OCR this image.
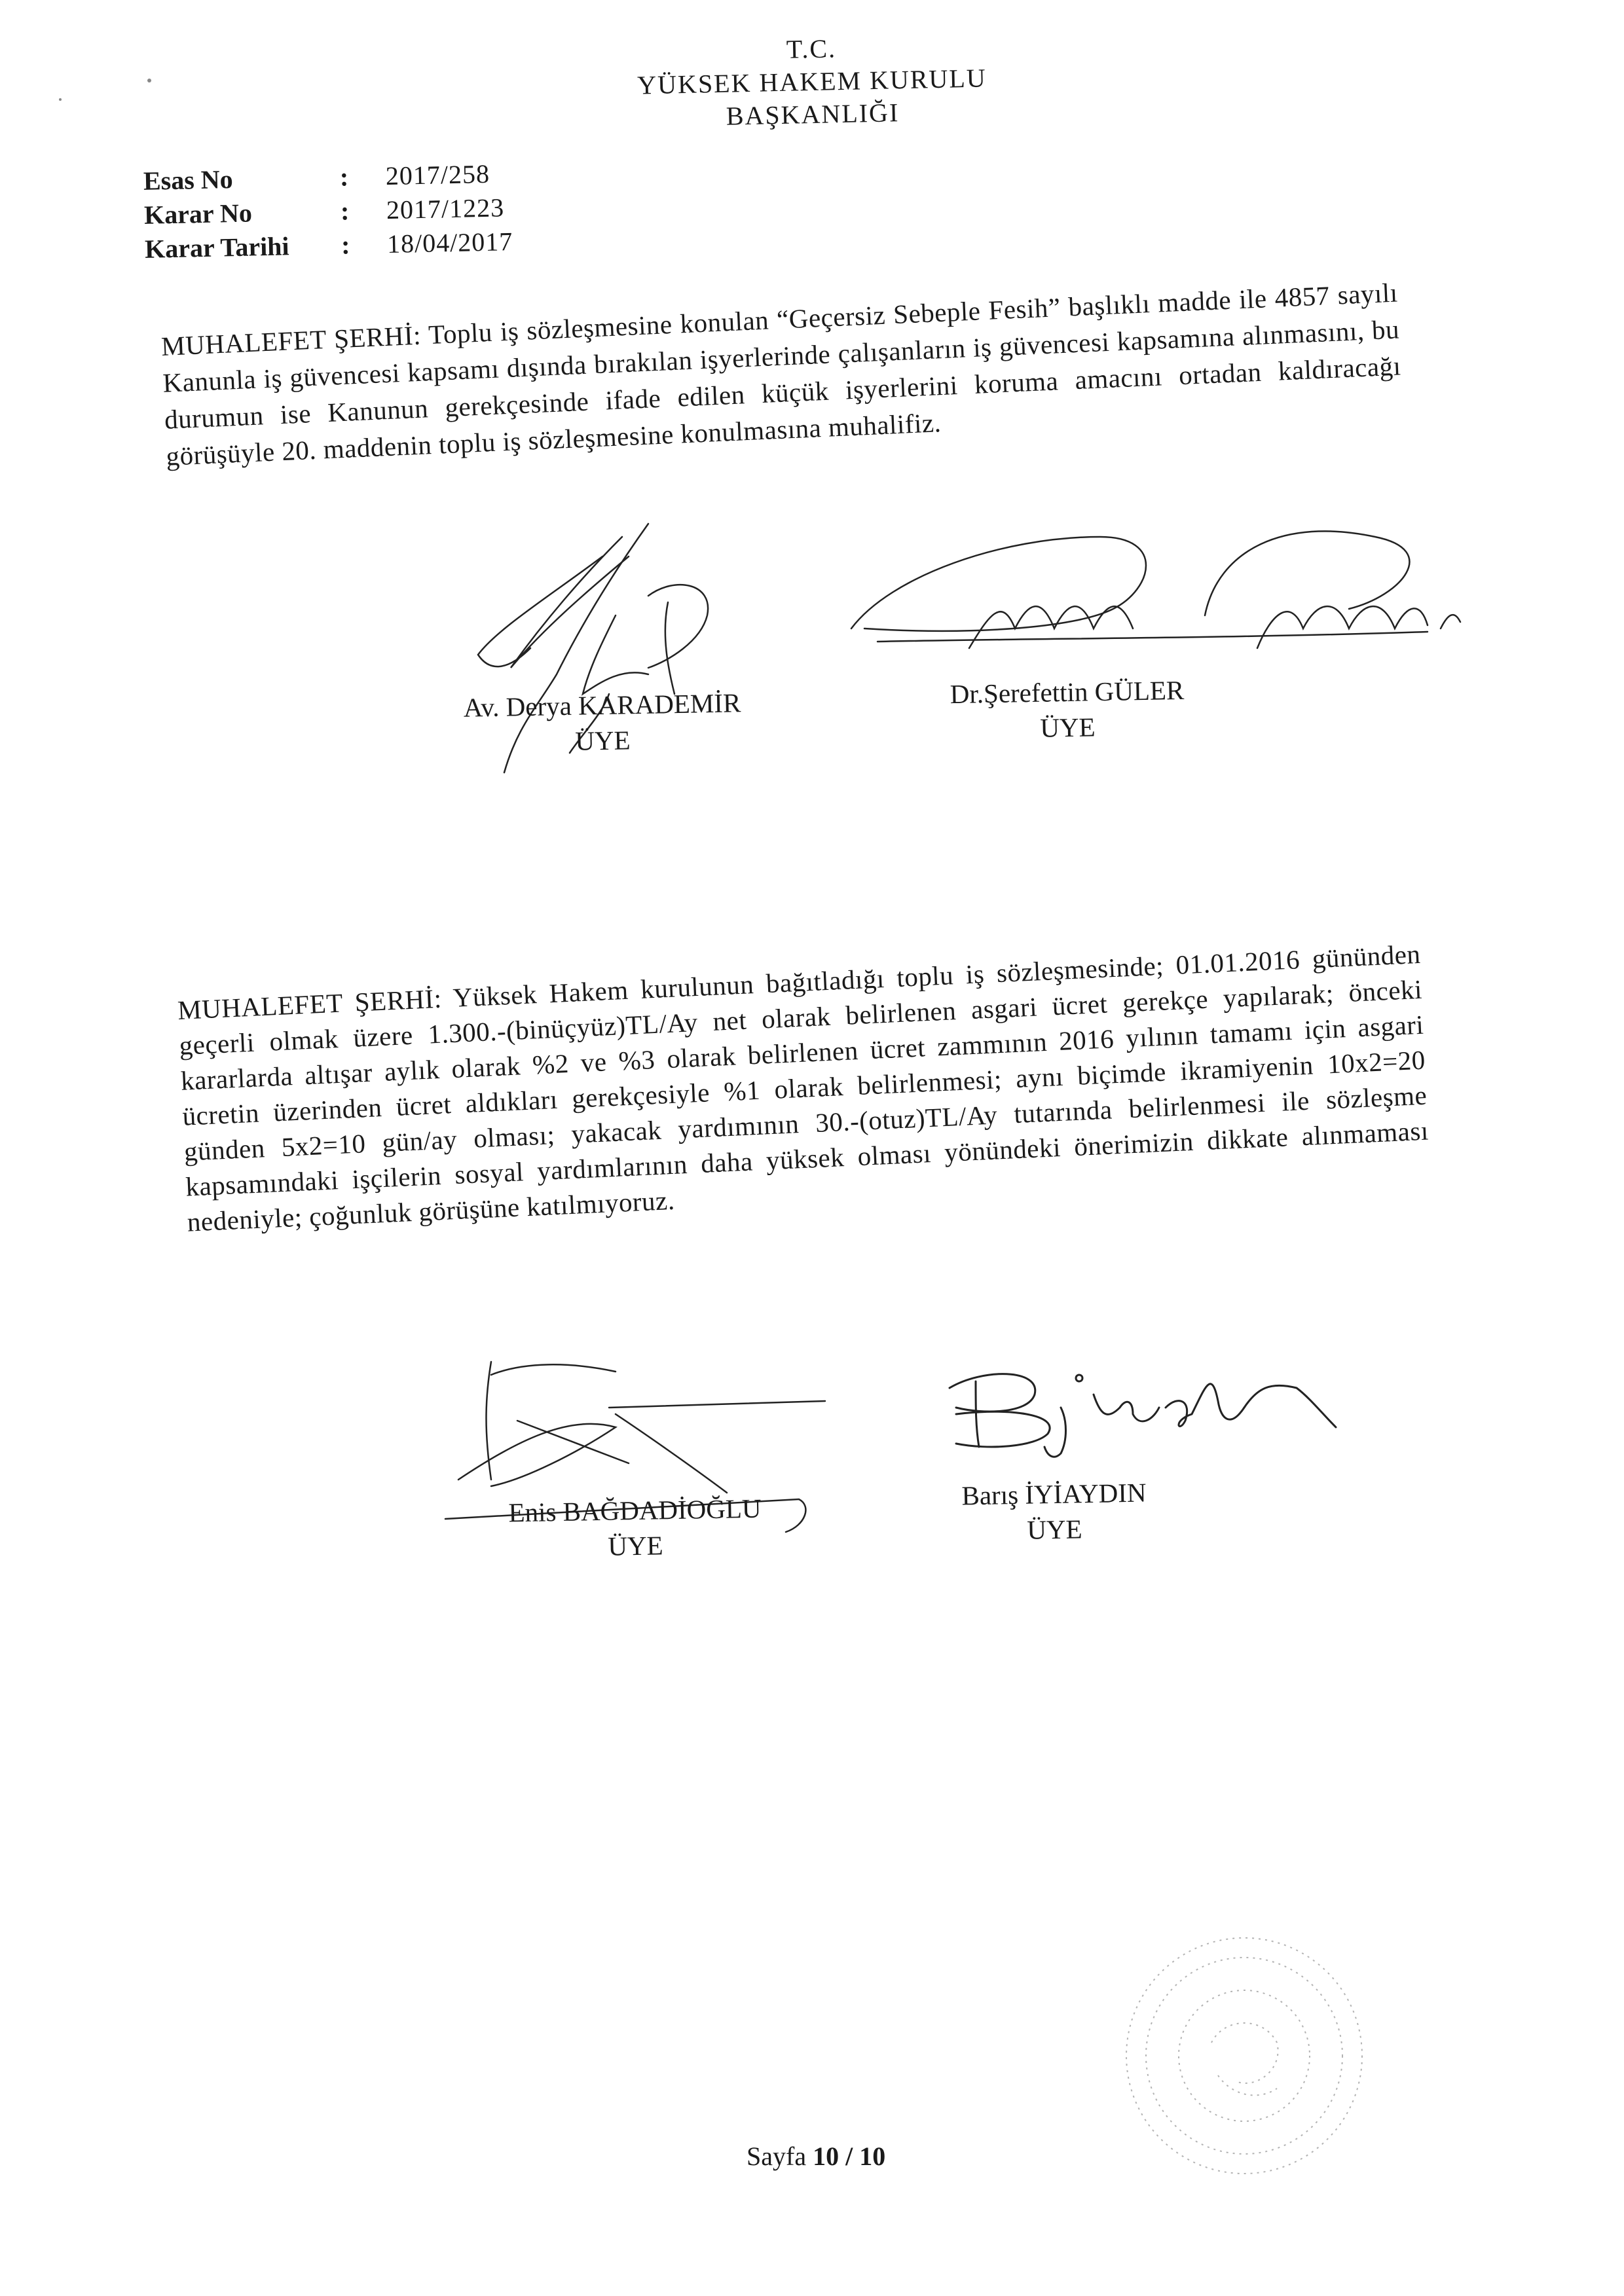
T.C.
YÜKSEK HAKEM KURULU
BAŞKANLIĞI
Esas No	:	2017/258
Karar No	:	2017/1223
Karar Tarihi	:	18/04/2017

MUHALEFET ŞERHİ: Toplu iş sözleşmesine konulan “Geçersiz Sebeple Fesih” başlıklı madde ile 4857 sayılı Kanunla iş güvencesi kapsamı dışında bırakılan işyerlerinde çalışanların iş güvencesi kapsamına alınmasını, bu durumun ise Kanunun gerekçesinde ifade edilen küçük işyerlerini koruma amacını ortadan kaldıracağı görüşüyle 20. maddenin toplu iş sözleşmesine konulmasına muhalifiz.

Av. Derya KARADEMİR
ÜYE
Dr.Şerefettin GÜLER
ÜYE

MUHALEFET ŞERHİ: Yüksek Hakem kurulunun bağıtladığı toplu iş sözleşmesinde; 01.01.2016 gününden geçerli olmak üzere 1.300.-(binüçyüz)TL/Ay net olarak belirlenen asgari ücret gerekçe yapılarak; önceki kararlarda altışar aylık olarak %2 ve %3 olarak belirlenen ücret zammının 2016 yılının tamamı için asgari ücretin üzerinden ücret aldıkları gerekçesiyle %1 olarak belirlenmesi; aynı biçimde ikramiyenin 10x2=20 günden 5x2=10 gün/ay olması; yakacak yardımının 30.-(otuz)TL/Ay tutarında belirlenmesi ile sözleşme kapsamındaki işçilerin sosyal yardımlarının daha yüksek olması yönündeki önerimizin dikkate alınmaması nedeniyle; çoğunluk görüşüne katılmıyoruz.

Enis BAĞDADİOĞLU
ÜYE
Barış İYİAYDIN
ÜYE
Sayfa 10 / 10
